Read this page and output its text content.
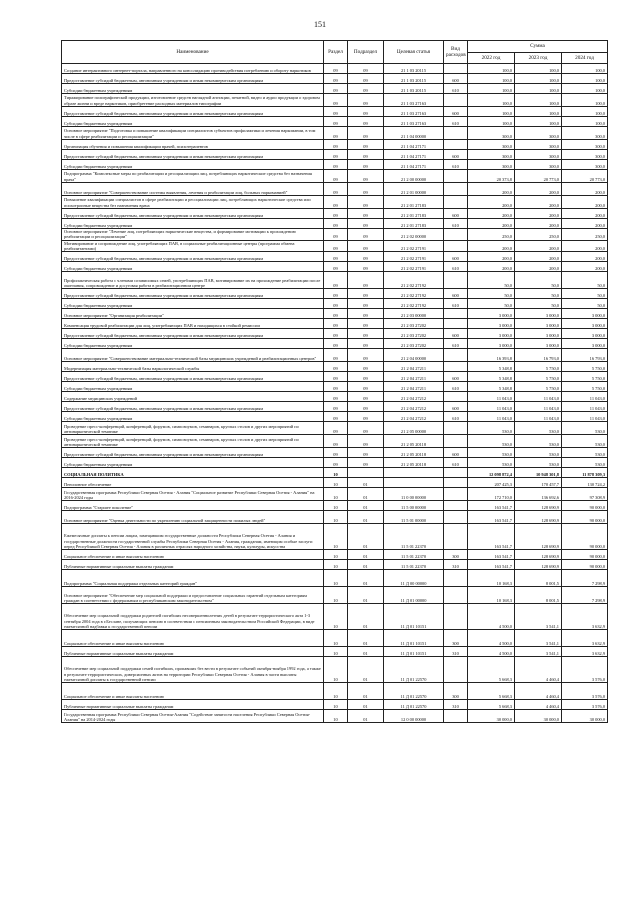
151
Наименование	Раздел	Подраздел	Целевая статья	Вид расходов	Сумма		
					2022 год	2023 год	2024 год
Создание интерактивного интернет-портала, направленного на консолидацию противодействия потреблению и обороту наркотиков	09	09	21 1 03 20115		100,0	100,0	100,0
Предоставление субсидий бюджетным, автономным учреждениям и иным некоммерческим организациям	09	09	21 1 03 20115	600	100,0	100,0	100,0
Субсидии бюджетным учреждениям	09	09	21 1 03 20115	610	100,0	100,0	100,0
Тиражирование полиграфической продукции, изготовление средств наглядной агитации, печатной, видео и аудио продукции о здоровом образе жизни и вреде наркотиков, приобретение расходных материалов типографии	09	09	21 1 03 27163		100,0	100,0	100,0
Предоставление субсидий бюджетным, автономным учреждениям и иным некоммерческим организациям	09	09	21 1 03 27163	600	100,0	100,0	100,0
Субсидии бюджетным учреждениям	09	09	21 1 03 27163	610	100,0	100,0	100,0
Основное мероприятие "Подготовка и повышение квалификации специалистов субъектов профилактики и лечения наркомании, в том числе в сфере реабилитации и ресоциализации"	09	09	21 1 04 00000		300,0	300,0	300,0
Организация обучения и повышения квалификации врачей, психотерапевтов	09	09	21 1 04 27171		300,0	300,0	300,0
Предоставление субсидий бюджетным, автономным учреждениям и иным некоммерческим организациям	09	09	21 1 04 27171	600	300,0	300,0	300,0
Субсидии бюджетным учреждениям	09	09	21 1 04 27171	610	300,0	300,0	300,0
Подпрограмма "Комплексные меры по реабилитации и ресоциализации лиц, потребляющих наркотические средства без назначения врача"	09	09	21 2 00 00000		20 373,8	20 773,0	20 773,0
Основное мероприятие "Совершенствование системы выявления, лечения и реабилитации лиц, больных наркоманией"	09	09	21 2 01 00000		200,0	200,0	200,0
Повышение квалификации специалистов в сфере реабилитации и ресоциализации лиц, потребляющих наркотические средства или психотропные вещества без назначения врача	09	09	21 2 01 27183		200,0	200,0	200,0
Предоставление субсидий бюджетным, автономным учреждениям и иным некоммерческим организациям	09	09	21 2 01 27183	600	200,0	200,0	200,0
Субсидии бюджетным учреждениям	09	09	21 2 01 27183	610	200,0	200,0	200,0
Основное мероприятие "Лечение лиц, потребляющих наркотические вещества, и формирование мотивации к прохождению реабилитации и ресоциализации"	09	09	21 2 02 00000		250,0	250,0	250,0
Мотивирование и сопровождение лиц, употребляющих ПАВ, в социальные реабилитационные центры (программа обмена реабилитантами)	09	09	21 2 02 27191		200,0	200,0	200,0
Предоставление субсидий бюджетным, автономным учреждениям и иным некоммерческим организациям	09	09	21 2 02 27191	600	200,0	200,0	200,0
Субсидии бюджетным учреждениям	09	09	21 2 02 27191	610	200,0	200,0	200,0
Профилактическая работа с членами созависимых семей, употребляющих ПАВ, мотивирование их на прохождение реабилитации после окончания, сопровождение и досуговая работа в реабилитационном центре	09	09	21 2 02 27192		50,0	50,0	50,0
Предоставление субсидий бюджетным, автономным учреждениям и иным некоммерческим организациям	09	09	21 2 02 27192	600	50,0	50,0	50,0
Субсидии бюджетным учреждениям	09	09	21 2 02 27192	610	50,0	50,0	50,0
Основное мероприятие "Организация реабилитации"	09	09	21 2 03 00000		3 000,0	3 000,0	3 000,0
Компенсация трудовой реабилитации для лиц, употребляющих ПАВ и находящихся в стойкой ремиссии	09	09	21 2 03 27202		3 000,0	3 000,0	3 000,0
Предоставление субсидий бюджетным, автономным учреждениям и иным некоммерческим организациям	09	09	21 2 03 27202	600	3 000,0	3 000,0	3 000,0
Субсидии бюджетным учреждениям	09	09	21 2 03 27202	610	3 000,0	3 000,0	3 000,0
Основное мероприятие "Совершенствование материально-технической базы медицинских учреждений и реабилитационных центров"	09	09	21 2 04 00000		16 393,8	16 793,0	16 793,0
Модернизация материально-технической базы наркологической службы	09	09	21 2 04 27211		5 348,8	5 750,0	5 750,0
Предоставление субсидий бюджетным, автономным учреждениям и иным некоммерческим организациям	09	09	21 2 04 27211	600	5 348,8	5 750,0	5 750,0
Субсидии бюджетным учреждениям	09	09	21 2 04 27211	610	5 348,8	5 750,0	5 750,0
Содержание медицинских учреждений	09	09	21 2 04 27212		11 043,0	11 043,0	11 043,0
Предоставление субсидий бюджетным, автономным учреждениям и иным некоммерческим организациям	09	09	21 2 04 27212	600	11 043,0	11 043,0	11 043,0
Субсидии бюджетным учреждениям	09	09	21 2 04 27212	610	11 043,0	11 043,0	11 043,0
Проведение пресс-конференций, конференций, форумов, симпозиумов, семинаров, круглых столов и других мероприятий по антинаркотической тематике	09	09	21 2 05 00000		530,0	530,0	530,0
Проведение пресс-конференций, конференций, форумов, симпозиумов, семинаров, круглых столов и других мероприятий по антинаркотической тематике	09	09	21 2 05 20118		530,0	530,0	530,0
Предоставление субсидий бюджетным, автономным учреждениям и иным некоммерческим организациям	09	09	21 2 05 20118	600	530,0	530,0	530,0
Субсидии бюджетным учреждениям	09	09	21 2 05 20118	610	530,0	530,0	530,0
СОЦИАЛЬНАЯ ПОЛИТИКА	10				12 098 872,4	10 948 301,8	11 878 309,3
Пенсионное обеспечение	10	01			207 425,3	170 457,7	130 724,2
Государственная программа Республики Северная Осетия - Алания "Социальное развитие Республики Северная Осетия - Алания" на 2016-2024 годы	10	01	11 0 00 00000		172 710,0	136 692,6	97 308,9
Подпрограмма "Старшее поколение"	10	01	11 5 00 00000		163 541,7	128 690,9	90 000,0
Основное мероприятие "Оценка деятельности по укреплению социальной защищенности пожилых людей"	10	01	11 5 01 00000		163 541,7	128 690,9	90 000,0
Ежемесячные доплаты к пенсии лицам, замещавшим государственные должности Республики Северная Осетия - Алания и государственные должности государственной службы Республики Северная Осетия - Алания, гражданам, имеющим особые заслуги перед Республикой Северная Осетия - Алания в различных отраслях народного хозяйства, науки, культуры, искусства	10	01	11 5 01 22370		163 541,7	128 690,9	90 000,0
Социальное обеспечение и иные выплаты населению	10	01	11 5 01 22370	300	163 541,7	128 690,9	90 000,0
Публичные нормативные социальные выплаты гражданам	10	01	11 5 01 22370	310	163 541,7	128 690,9	90 000,0
Подпрограмма "Социальная поддержка отдельных категорий граждан"	10	01	11 Д 00 00000		10 168,3	8 001,5	7 298,9
Основное мероприятие "Обеспечение мер социальной поддержки и предоставление социальных гарантий отдельным категориям граждан в соответствии с федеральным и республиканским законодательством"	10	01	11 Д 01 00000		10 168,3	8 001,5	7 298,9
Обеспечение мер социальной поддержки родителей погибших несовершеннолетних детей в результате террористического акта 1-3 сентября 2004 года в г.Беслане, получающих пенсию в соответствии с пенсионным законодательством Российской Федерации, в виде ежемесячной надбавки к государственной пенсии	10	01	11 Д 01 10151		4 500,0	3 541,1	3 632,9
Социальное обеспечение и иные выплаты населению	10	01	11 Д 01 10151	300	4 500,0	3 541,1	3 632,9
Публичные нормативные социальные выплаты гражданам	10	01	11 Д 01 10151	310	4 500,0	3 541,1	3 632,9
Обеспечение мер социальной поддержки семей погибших, пропавших без вести в результате событий октября-ноября 1992 года, а также в результате террористических, диверсионных актов на территории Республики Северная Осетия - Алания в части выплаты ежемесячной доплаты к государственной пенсии	10	01	11 Д 01 22570		5 668,3	4 460,4	3 576,0
Социальное обеспечение и иные выплаты населению	10	01	11 Д 01 22570	300	5 668,3	4 460,4	3 576,0
Публичные нормативные социальные выплаты гражданам	10	01	11 Д 01 22570	310	5 668,3	4 460,4	3 576,0
Государственная программа Республики Северная Осетия-Алания "Содействие занятости населения Республики Северная Осетия-Алания" на 2014-2024 годы	10	01	12 0 00 00000		30 000,0	30 000,0	30 000,0
